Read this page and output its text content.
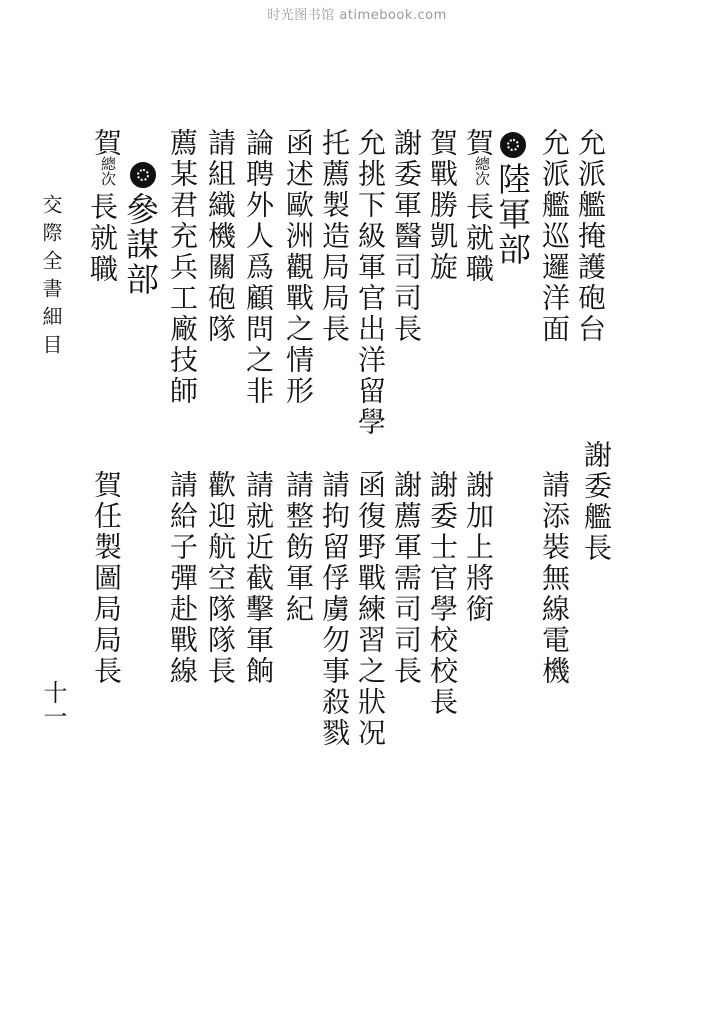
时光图书馆 atimebook.com
允派艦掩護砲台
允派艦巡邏洋面
陸軍部
賀
總次
長就職
賀戰勝凱旋
謝委軍醫司司長
允挑下級軍官出洋留學
托薦製造局局長
函述歐洲觀戰之情形
論聘外人爲顧問之非
請組織機關砲隊
薦某君充兵工廠技師
參謀部
賀
總次
長就職
交際全書細目
謝委艦長
請添裝無線電機
謝加上將銜
謝委士官學校校長
謝薦軍需司司長
函復野戰練習之狀况
請拘留俘虜勿事殺戮
請整飭軍紀
請就近截擊軍餉
歡迎航空隊隊長
請給子彈赴戰線
賀任製圖局局長
十一
